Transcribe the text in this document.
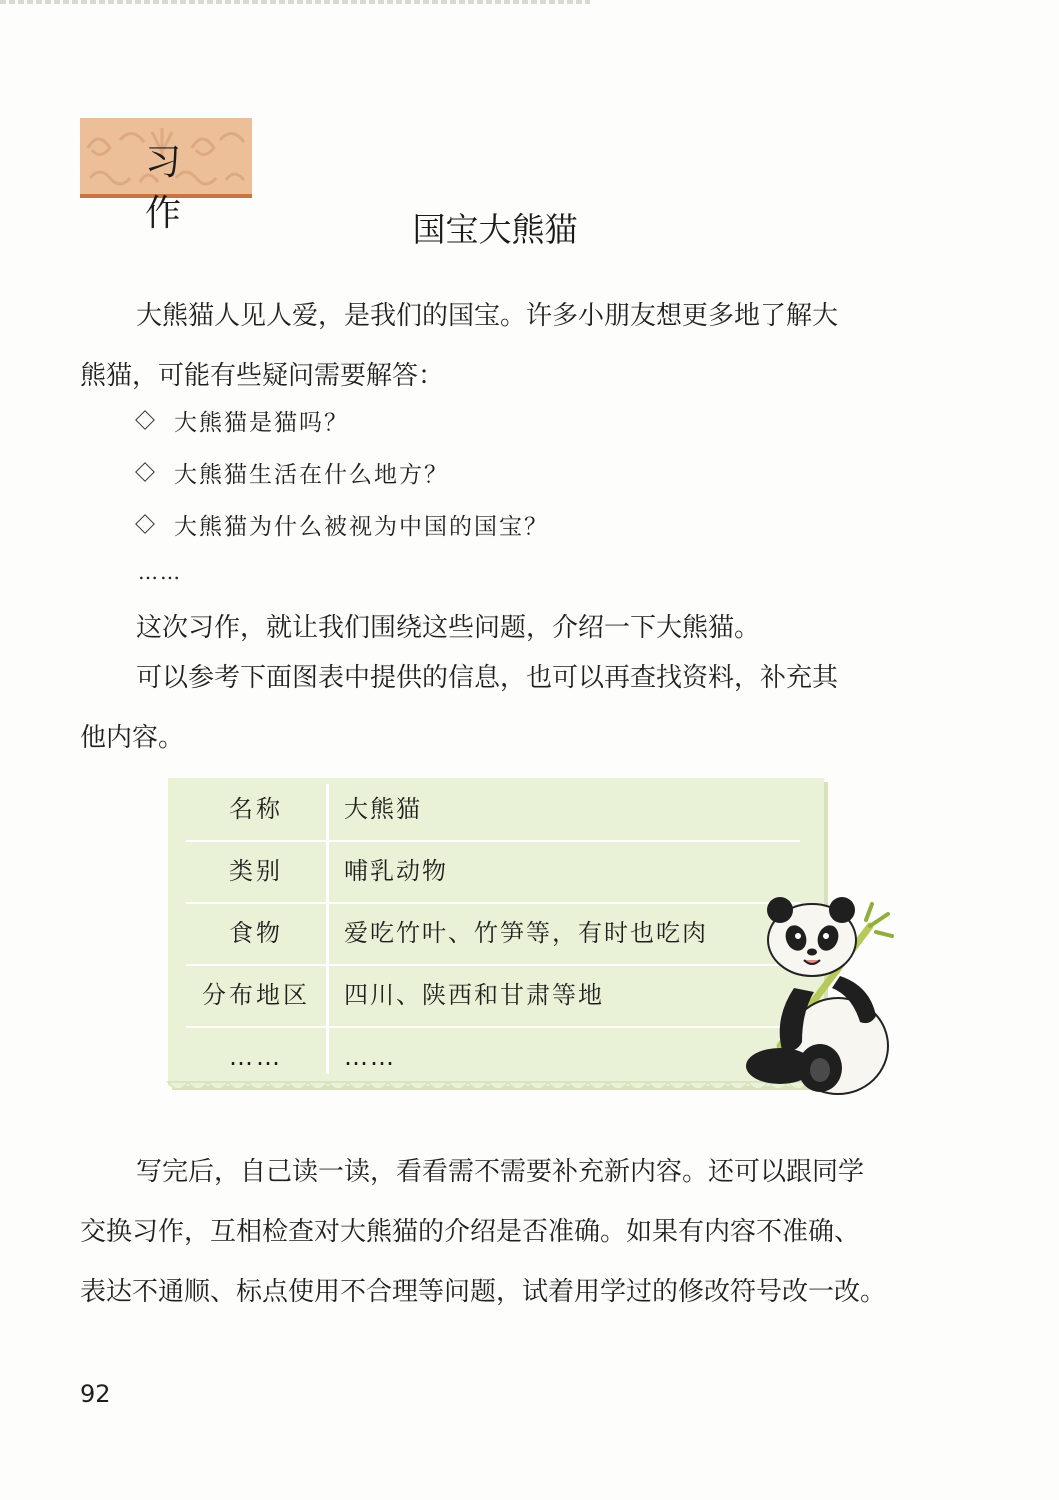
习 作	国宝大熊猫

大熊猫人见人爱，是我们的国宝。许多小朋友想更多地了解大
熊猫，可能有些疑问需要解答：

大熊猫是猫吗？
大熊猫生活在什么地方？
大熊猫为什么被视为中国的国宝？
……

这次习作，就让我们围绕这些问题，介绍一下大熊猫。

可以参考下面图表中提供的信息，也可以再查找资料，补充其
他内容。

名称	大熊猫
类别	哺乳动物
食物	爱吃竹叶、竹笋等，有时也吃肉
分布地区	四川、陕西和甘肃等地
……	……

写完后，自己读一读，看看需不需要补充新内容。还可以跟同学
交换习作，互相检查对大熊猫的介绍是否准确。如果有内容不准确、
表达不通顺、标点使用不合理等问题，试着用学过的修改符号改一改。

92
